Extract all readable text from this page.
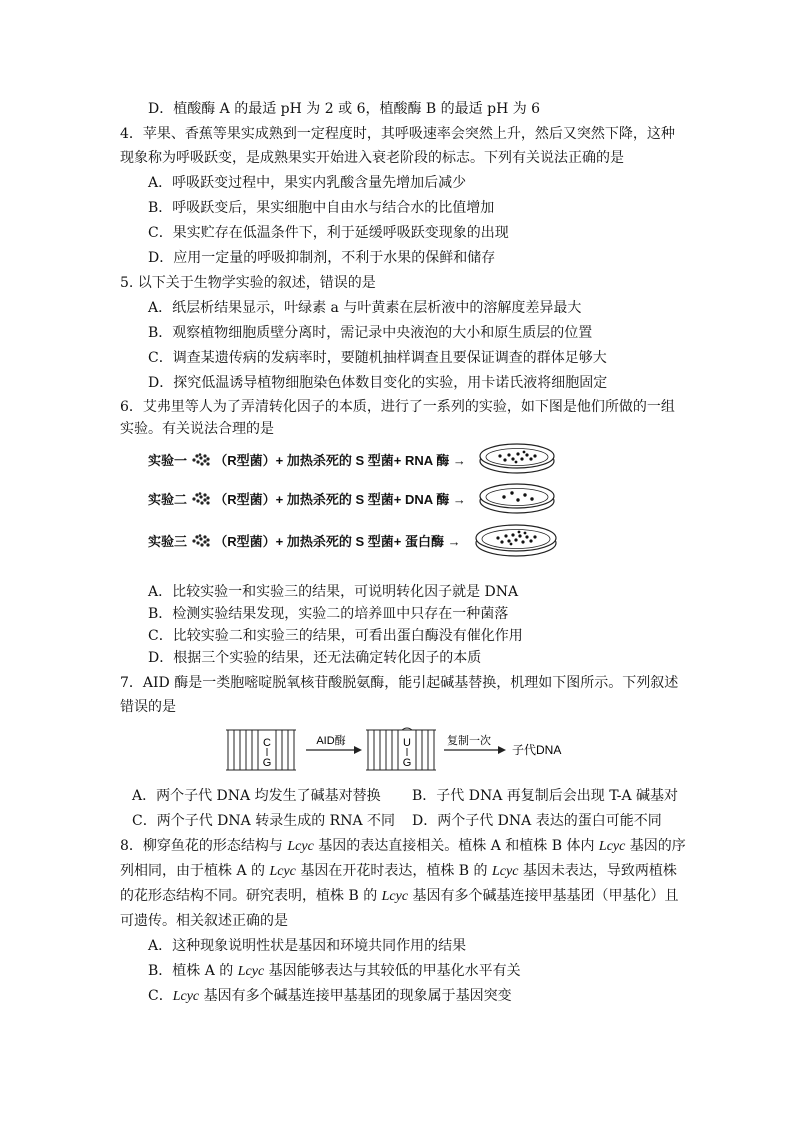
D．植酸酶 A 的最适 pH 为 2 或 6，植酸酶 B 的最适 pH 为 6
4．苹果、香蕉等果实成熟到一定程度时，其呼吸速率会突然上升，然后又突然下降，这种
现象称为呼吸跃变，是成熟果实开始进入衰老阶段的标志。下列有关说法正确的是
A．呼吸跃变过程中，果实内乳酸含量先增加后减少
B．呼吸跃变后，果实细胞中自由水与结合水的比值增加
C．果实贮存在低温条件下，利于延缓呼吸跃变现象的出现
D．应用一定量的呼吸抑制剂，不利于水果的保鲜和储存
5. 以下关于生物学实验的叙述，错误的是
A．纸层析结果显示，叶绿素 a 与叶黄素在层析液中的溶解度差异最大
B．观察植物细胞质壁分离时，需记录中央液泡的大小和原生质层的位置
C．调查某遗传病的发病率时，要随机抽样调查且要保证调查的群体足够大
D．探究低温诱导植物细胞染色体数目变化的实验，用卡诺氏液将细胞固定
6．艾弗里等人为了弄清转化因子的本质，进行了一系列的实验，如下图是他们所做的一组
实验。有关说法合理的是
实验一 （R型菌）+ 加热杀死的 S 型菌+ RNA 酶 →
实验二 （R型菌）+ 加热杀死的 S 型菌+ DNA 酶 →
实验三 （R型菌）+ 加热杀死的 S 型菌+ 蛋白酶 →
A．比较实验一和实验三的结果，可说明转化因子就是 DNA
B．检测实验结果发现，实验二的培养皿中只存在一种菌落
C．比较实验二和实验三的结果，可看出蛋白酶没有催化作用
D．根据三个实验的结果，还无法确定转化因子的本质
7．AID 酶是一类胞嘧啶脱氧核苷酸脱氨酶，能引起碱基替换，机理如下图所示。下列叙述
错误的是
C
G
AID酶	U
G
复制一次
子代DNA
A．两个子代 DNA 均发生了碱基对替换 B．子代 DNA 再复制后会出现 T-A 碱基对
C．两个子代 DNA 转录生成的 RNA 不同 D．两个子代 DNA 表达的蛋白可能不同
8．柳穿鱼花的形态结构与 Lcyc 基因的表达直接相关。植株 A 和植株 B 体内 Lcyc 基因的序
列相同，由于植株 A 的 Lcyc 基因在开花时表达，植株 B 的 Lcyc 基因未表达，导致两植株
的花形态结构不同。研究表明，植株 B 的 Lcyc 基因有多个碱基连接甲基基团（甲基化）且
可遗传。相关叙述正确的是
A．这种现象说明性状是基因和环境共同作用的结果
B．植株 A 的 Lcyc 基因能够表达与其较低的甲基化水平有关
C．Lcyc 基因有多个碱基连接甲基基团的现象属于基因突变
